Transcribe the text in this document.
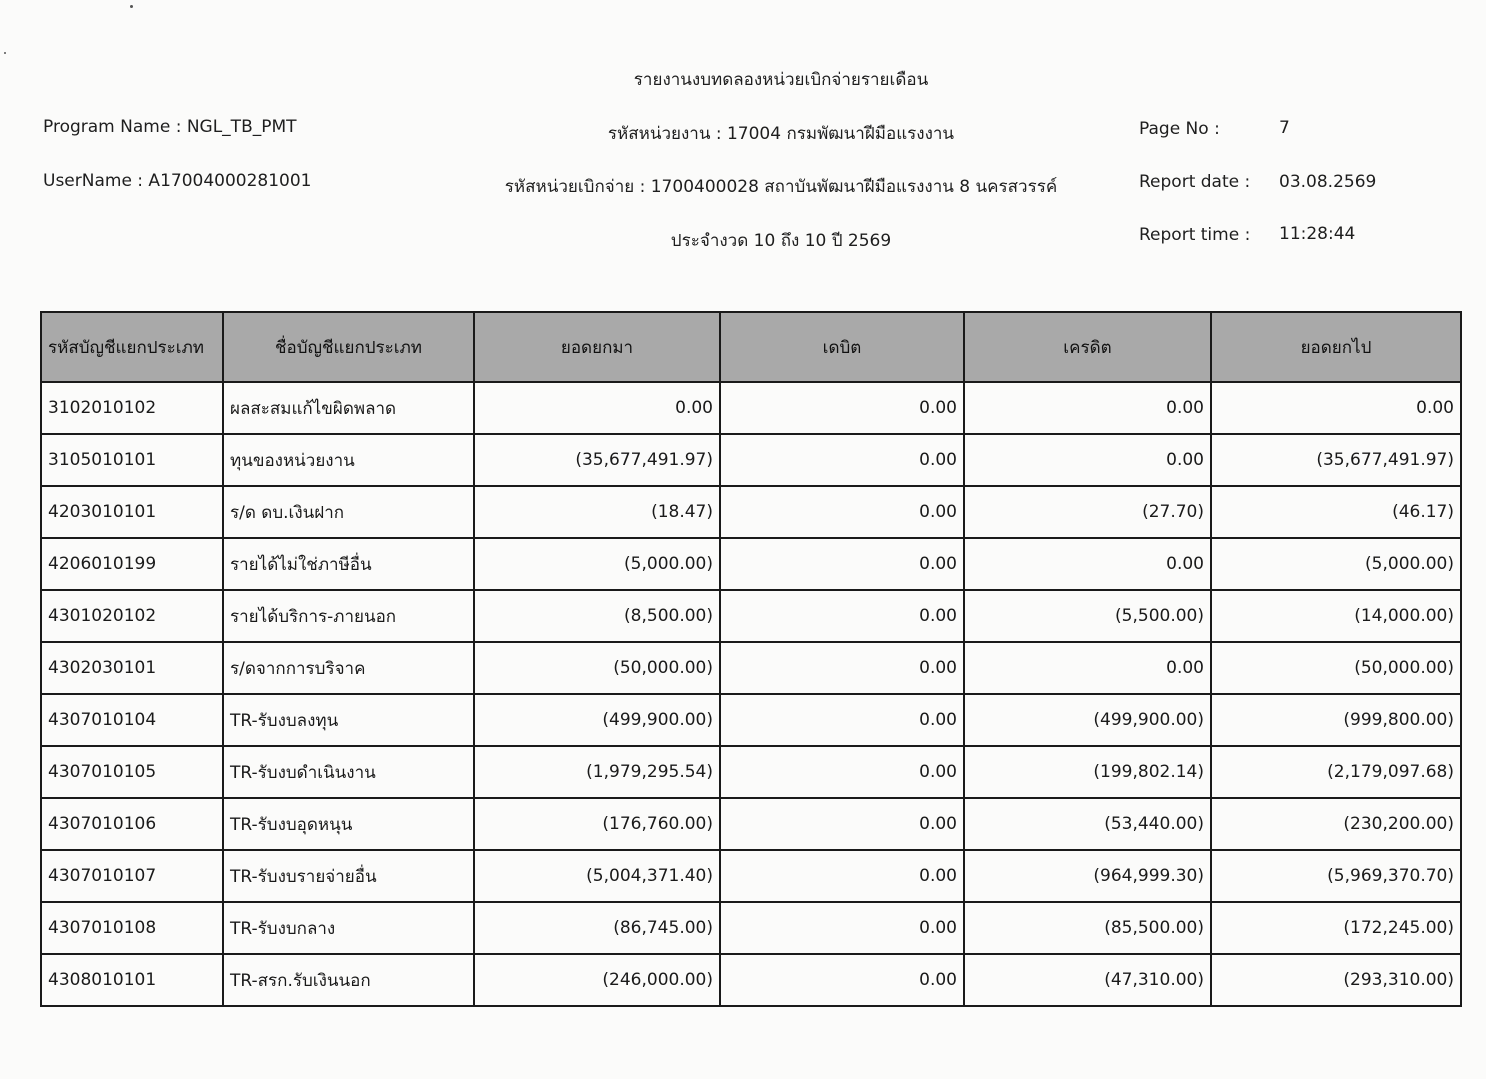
รายงานงบทดลองหน่วยเบิกจ่ายรายเดือน
Program Name : NGL_TB_PMT	รหัสหน่วยงาน : 17004 กรมพัฒนาฝีมือแรงงาน	Page No :	7
UserName : A17004000281001	รหัสหน่วยเบิกจ่าย : 1700400028 สถาบันพัฒนาฝีมือแรงงาน 8 นครสวรรค์	Report date : 03.08.2569
ประจำงวด 10 ถึง 10 ปี 2569	Report time : 11:28:44
รหัสบัญชีแยกประเภท	ชื่อบัญชีแยกประเภท	ยอดยกมา	เดบิต	เครดิต	ยอดยกไป
3102010102	ผลสะสมแก้ไขผิดพลาด	0.00	0.00	0.00	0.00
3105010101	ทุนของหน่วยงาน	(35,677,491.97)	0.00	0.00	(35,677,491.97)
4203010101	ร/ด ดบ.เงินฝาก	(18.47)	0.00	(27.70)	(46.17)
4206010199	รายได้ไม่ใช่ภาษีอื่น	(5,000.00)	0.00	0.00	(5,000.00)
4301020102	รายได้บริการ-ภายนอก	(8,500.00)	0.00	(5,500.00)	(14,000.00)
4302030101	ร/ดจากการบริจาค	(50,000.00)	0.00	0.00	(50,000.00)
4307010104	TR-รับงบลงทุน	(499,900.00)	0.00	(499,900.00)	(999,800.00)
4307010105	TR-รับงบดำเนินงาน	(1,979,295.54)	0.00	(199,802.14)	(2,179,097.68)
4307010106	TR-รับงบอุดหนุน	(176,760.00)	0.00	(53,440.00)	(230,200.00)
4307010107	TR-รับงบรายจ่ายอื่น	(5,004,371.40)	0.00	(964,999.30)	(5,969,370.70)
4307010108	TR-รับงบกลาง	(86,745.00)	0.00	(85,500.00)	(172,245.00)
4308010101	TR-สรก.รับเงินนอก	(246,000.00)	0.00	(47,310.00)	(293,310.00)
